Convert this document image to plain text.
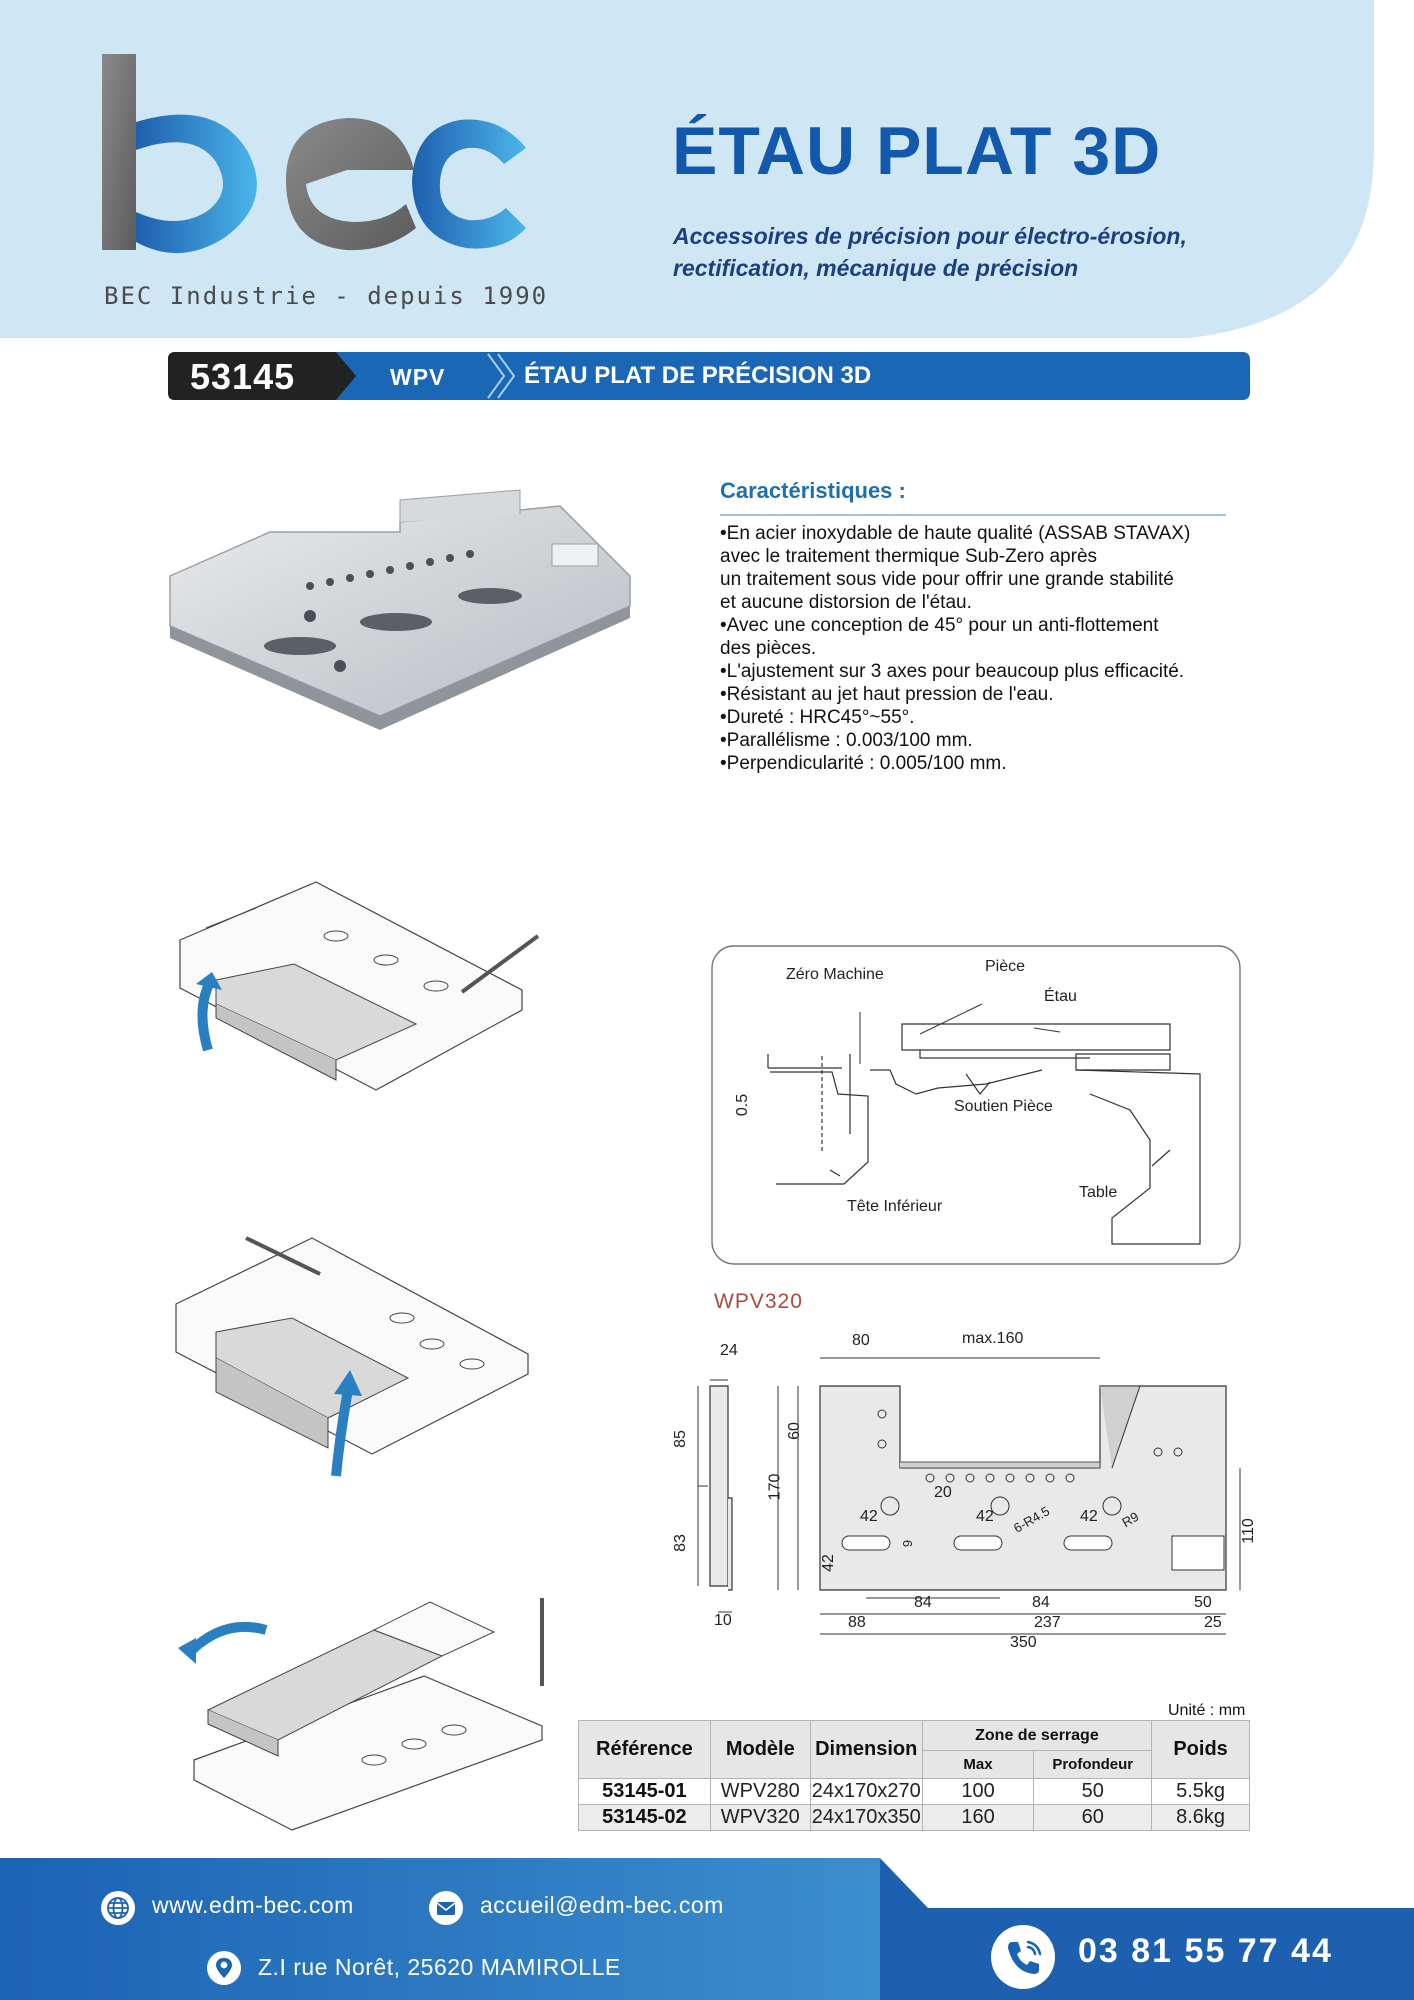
BEC Industrie - depuis 1990
ÉTAU PLAT 3D
Accessoires de précision pour électro-érosion,
rectification, mécanique de précision
53145	WPV	ÉTAU PLAT DE PRÉCISION 3D
Caractéristiques :
•En acier inoxydable de haute qualité (ASSAB STAVAX)
avec le traitement thermique Sub-Zero après
un traitement sous vide pour offrir une grande stabilité
et aucune distorsion de l'étau.
•Avec une conception de 45° pour un anti-flottement
des pièces.
•L'ajustement sur 3 axes pour beaucoup plus efficacité.
•Résistant au jet haut pression de l'eau.
•Dureté : HRC45°~55°.
•Parallélisme : 0.003/100 mm.
•Perpendicularité : 0.005/100 mm.
Zéro Machine	Pièce
Étau
0.5	Soutien Pièce
Table
Tête Inférieur
WPV320
24
80	max.160
85	60
170
83
10
20
42	42	42
42
9
6-R4.5	R9	110
84	84
88	237
50
25
350
Unité : mm
Référence	Modèle	Dimension	Zone de serrage		Poids
			Max	Profondeur	
53145-01	WPV280	24x170x270	100	50	5.5kg
53145-02	WPV320	24x170x350	160	60	8.6kg
www.edm-bec.com	accueil@edm-bec.com
Z.I rue Norêt, 25620 MAMIROLLE	03 81 55 77 44
